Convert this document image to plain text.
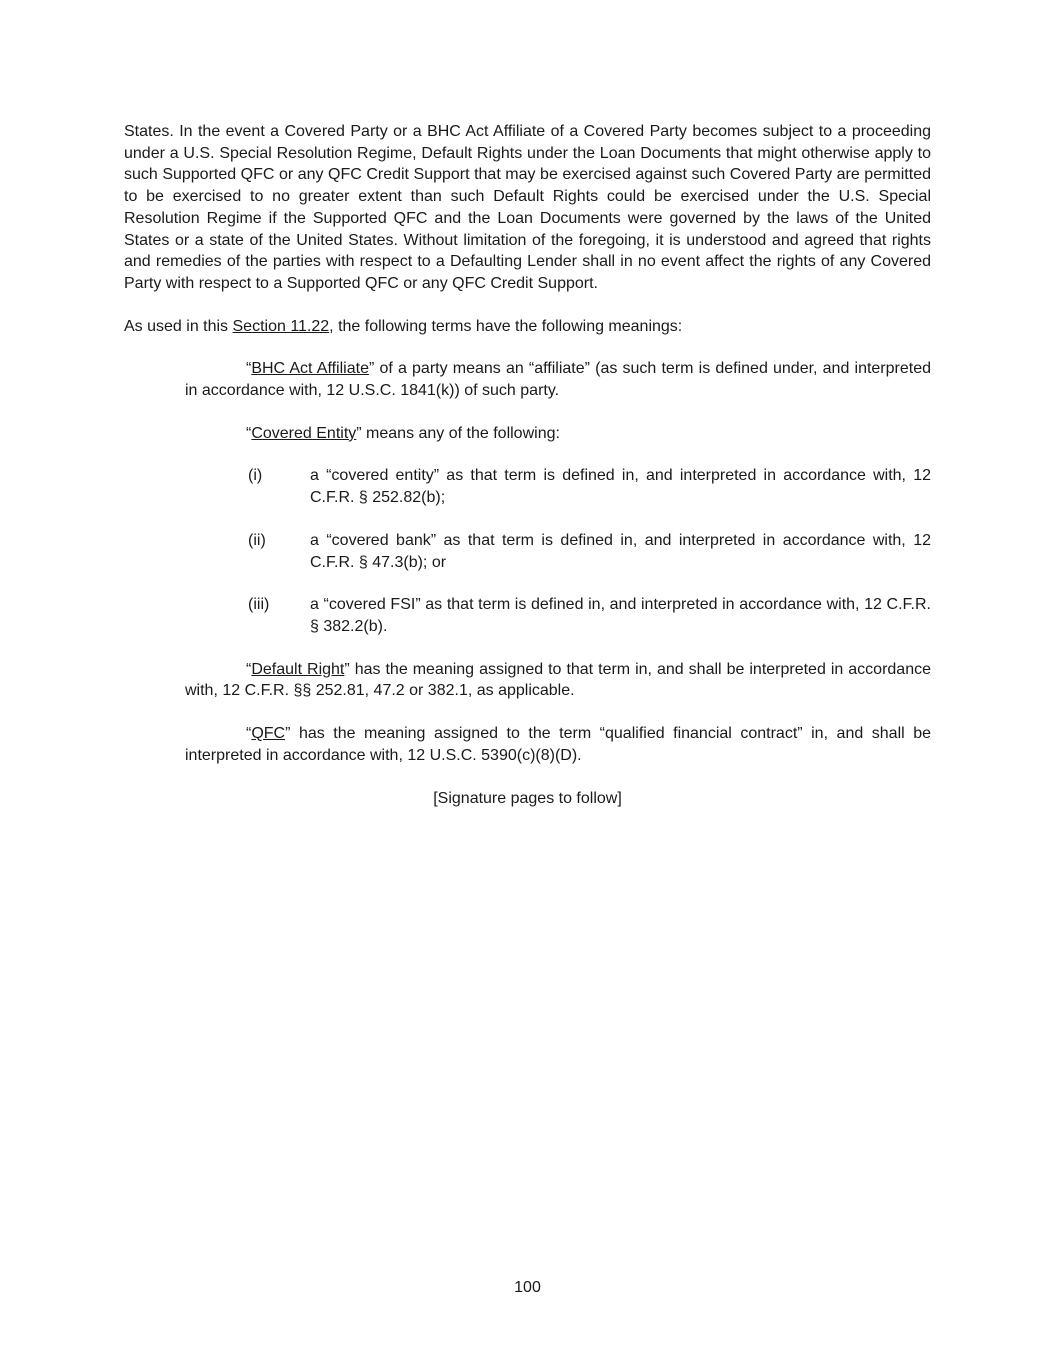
States. In the event a Covered Party or a BHC Act Affiliate of a Covered Party becomes subject to a proceeding under a U.S. Special Resolution Regime, Default Rights under the Loan Documents that might otherwise apply to such Supported QFC or any QFC Credit Support that may be exercised against such Covered Party are permitted to be exercised to no greater extent than such Default Rights could be exercised under the U.S. Special Resolution Regime if the Supported QFC and the Loan Documents were governed by the laws of the United States or a state of the United States. Without limitation of the foregoing, it is understood and agreed that rights and remedies of the parties with respect to a Defaulting Lender shall in no event affect the rights of any Covered Party with respect to a Supported QFC or any QFC Credit Support.

As used in this Section 11.22, the following terms have the following meanings:

“BHC Act Affiliate” of a party means an “affiliate” (as such term is defined under, and interpreted in accordance with, 12 U.S.C. 1841(k)) of such party.

“Covered Entity” means any of the following:

(i)	a “covered entity” as that term is defined in, and interpreted in accordance with, 12 C.F.R. § 252.82(b);
(ii)	a “covered bank” as that term is defined in, and interpreted in accordance with, 12 C.F.R. § 47.3(b); or
(iii)	a “covered FSI” as that term is defined in, and interpreted in accordance with, 12 C.F.R. § 382.2(b).

“Default Right” has the meaning assigned to that term in, and shall be interpreted in accordance with, 12 C.F.R. §§ 252.81, 47.2 or 382.1, as applicable.

“QFC” has the meaning assigned to the term “qualified financial contract” in, and shall be interpreted in accordance with, 12 U.S.C. 5390(c)(8)(D).

[Signature pages to follow]

100
